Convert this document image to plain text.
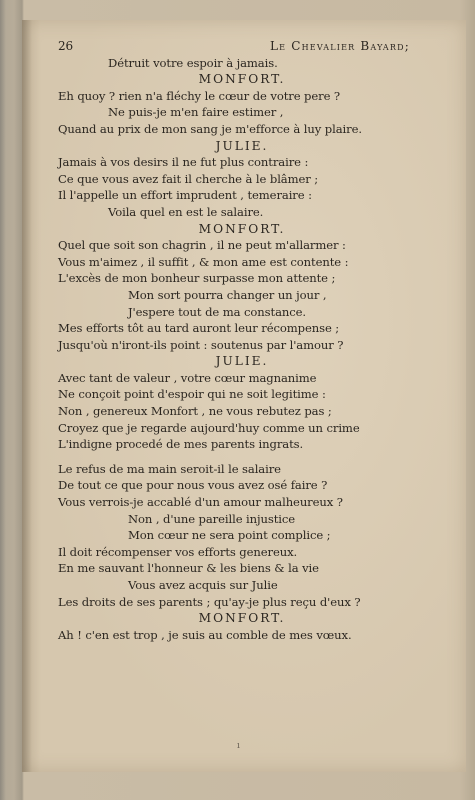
26	Le Chevalier Bayard;
Détruit votre espoir à jamais.
MONFORT.
Eh quoy ? rien n'a fléchy le cœur de votre pere ?
Ne puis-je m'en faire estimer ,
Quand au prix de mon sang je m'efforce à luy plaire.
JULIE.
Jamais à vos desirs il ne fut plus contraire :
Ce que vous avez fait il cherche à le blâmer ;
Il l'appelle un effort imprudent , temeraire :
Voila quel en est le salaire.
MONFORT.
Quel que soit son chagrin , il ne peut m'allarmer :
Vous m'aimez , il suffit , & mon ame est contente :
L'excès de mon bonheur surpasse mon attente ;
Mon sort pourra changer un jour ,
J'espere tout de ma constance.
Mes efforts tôt au tard auront leur récompense ;
Jusqu'où n'iront-ils point : soutenus par l'amour ?
JULIE.
Avec tant de valeur , votre cœur magnanime
Ne conçoit point d'espoir qui ne soit legitime :
Non , genereux Monfort , ne vous rebutez pas ;
Croyez que je regarde aujourd'huy comme un crime
L'indigne procedé de mes parents ingrats.
Le refus de ma main seroit-il le salaire
De tout ce que pour nous vous avez osé faire ?
Vous verrois-je accablé d'un amour malheureux ?
Non , d'une pareille injustice
Mon cœur ne sera point complice ;
Il doit récompenser vos efforts genereux.
En me sauvant l'honneur & les biens & la vie
Vous avez acquis sur Julie
Les droits de ses parents ; qu'ay-je plus reçu d'eux ?
MONFORT.
Ah ! c'en est trop , je suis au comble de mes vœux.
ı
